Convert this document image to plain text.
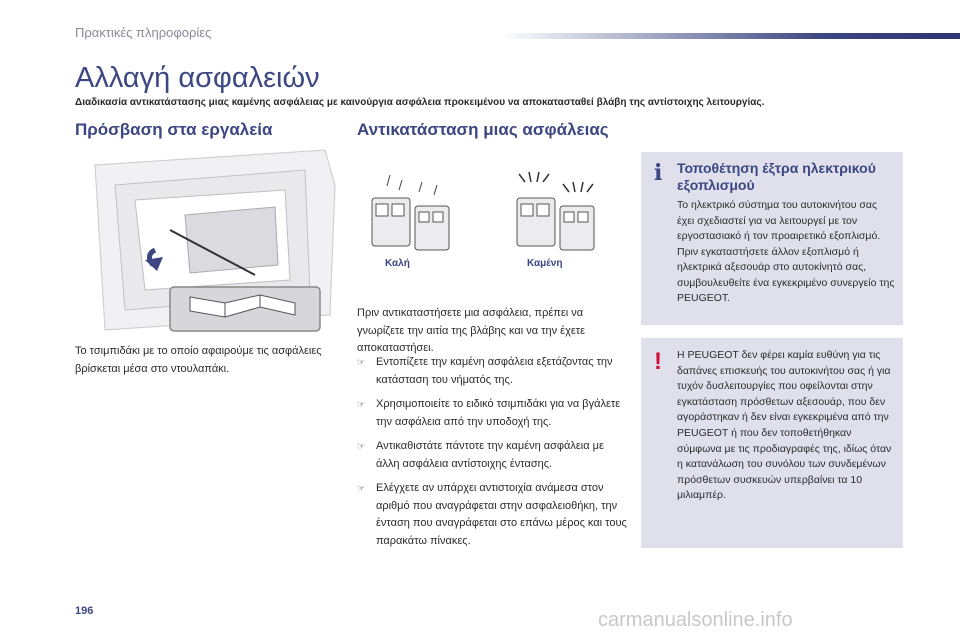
Πρακτικές πληροφορίες
Αλλαγή ασφαλειών
Διαδικασία αντικατάστασης μιας καμένης ασφάλειας με καινούργια ασφάλεια προκειμένου να αποκατασταθεί βλάβη της αντίστοιχης λειτουργίας.
Πρόσβαση στα εργαλεία	Αντικατάσταση μιας ασφάλειας
Το τσιμπιδάκι με το οποίο αφαιρούμε τις ασφάλειες βρίσκεται μέσα στο ντουλαπάκι.
Καλή	Καμένη
Πριν αντικαταστήσετε μια ασφάλεια, πρέπει να γνωρίζετε την αιτία της βλάβης και να την έχετε αποκαταστήσει.
☞ Εντοπίζετε την καμένη ασφάλεια εξετάζοντας την κατάσταση του νήματός της.
☞ Χρησιμοποιείτε το ειδικό τσιμπιδάκι για να βγάλετε την ασφάλεια από την υποδοχή της.
☞ Αντικαθιστάτε πάντοτε την καμένη ασφάλεια με άλλη ασφάλεια αντίστοιχης έντασης.
☞ Ελέγχετε αν υπάρχει αντιστοιχία ανάμεσα στον αριθμό που αναγράφεται στην ασφαλειοθήκη, την ένταση που αναγράφεται στο επάνω μέρος και τους παρακάτω πίνακες.
i Τοποθέτηση έξτρα ηλεκτρικού εξοπλισμού
Το ηλεκτρικό σύστημα του αυτοκινήτου σας έχει σχεδιαστεί για να λειτουργεί με τον εργοστασιακό ή τον προαιρετικό εξοπλισμό. Πριν εγκαταστήσετε άλλον εξοπλισμό ή ηλεκτρικά αξεσουάρ στο αυτοκίνητό σας, συμβουλευθείτε ένα εγκεκριμένο συνεργείο της PEUGEOT.
! Η PEUGEOT δεν φέρει καμία ευθύνη για τις δαπάνες επισκευής του αυτοκινήτου σας ή για τυχόν δυσλειτουργίες που οφείλονται στην εγκατάσταση πρόσθετων αξεσουάρ, που δεν αγοράστηκαν ή δεν είναι εγκεκριμένα από την PEUGEOT ή που δεν τοποθετήθηκαν σύμφωνα με τις προδιαγραφές της, ιδίως όταν η κατανάλωση του συνόλου των συνδεμένων πρόσθετων συσκευών υπερβαίνει τα 10 μιλιαμπέρ.
196	carmanualsonline.info
